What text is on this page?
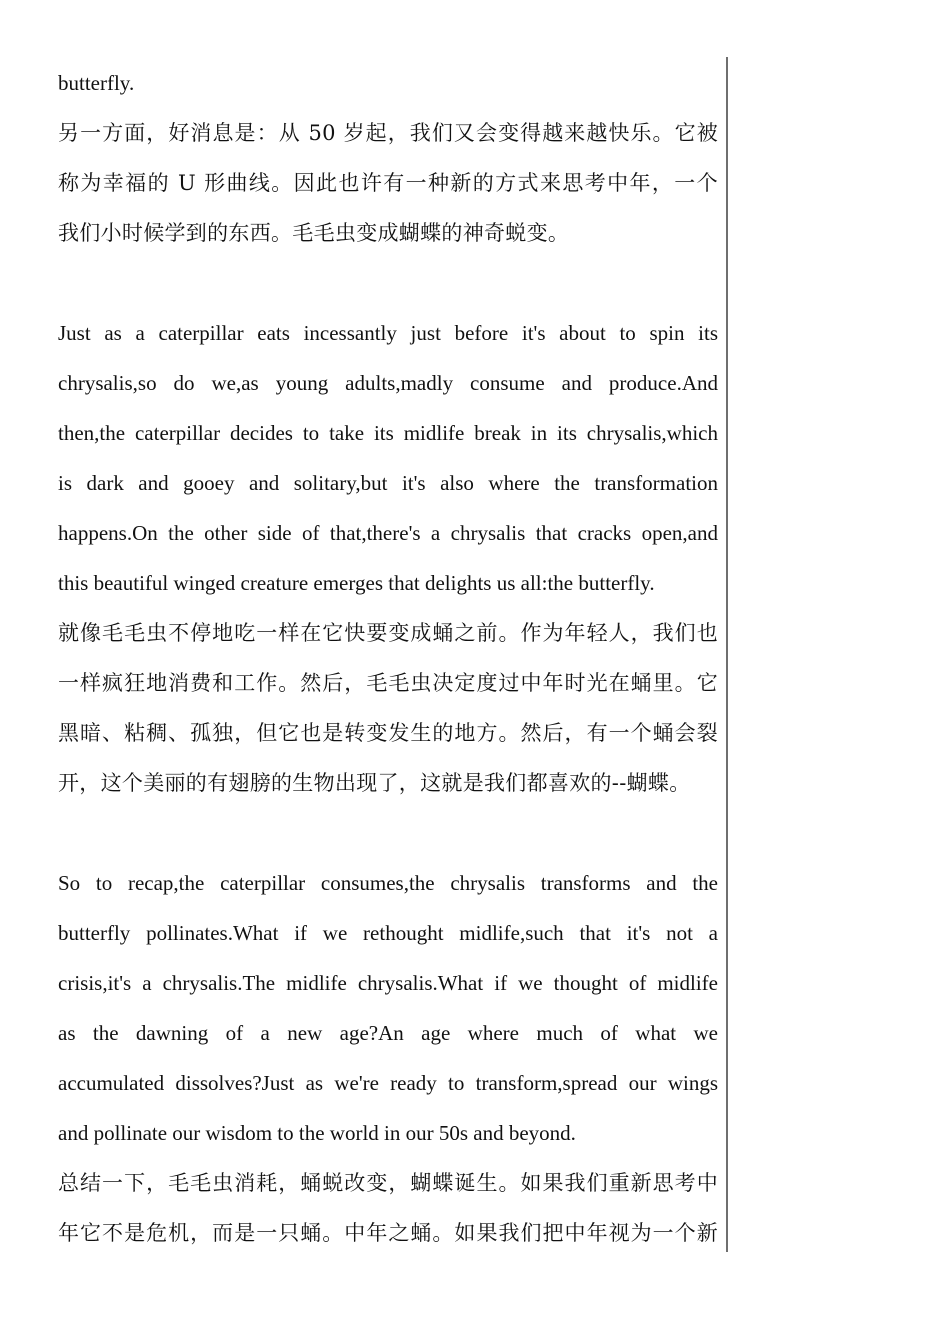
butterfly.
另一方面，好消息是：从 50 岁起，我们又会变得越来越快乐。它被
称为幸福的 U 形曲线。因此也许有一种新的方式来思考中年，一个
我们小时候学到的东西。毛毛虫变成蝴蝶的神奇蜕变。
Just as a caterpillar eats incessantly just before it's about to spin its
chrysalis,so do we,as young adults,madly consume and produce.And
then,the caterpillar decides to take its midlife break in its chrysalis,which
is dark and gooey and solitary,but it's also where the transformation
happens.On the other side of that,there's a chrysalis that cracks open,and
this beautiful winged creature emerges that delights us all:the butterfly.
就像毛毛虫不停地吃一样在它快要变成蛹之前。作为年轻人，我们也
一样疯狂地消费和工作。然后，毛毛虫决定度过中年时光在蛹里。它
黑暗、粘稠、孤独，但它也是转变发生的地方。然后，有一个蛹会裂
开，这个美丽的有翅膀的生物出现了，这就是我们都喜欢的--蝴蝶。
So to recap,the caterpillar consumes,the chrysalis transforms and the
butterfly pollinates.What if we rethought midlife,such that it's not a
crisis,it's a chrysalis.The midlife chrysalis.What if we thought of midlife
as the dawning of a new age?An age where much of what we
accumulated dissolves?Just as we're ready to transform,spread our wings
and pollinate our wisdom to the world in our 50s and beyond.
总结一下，毛毛虫消耗，蛹蜕改变，蝴蝶诞生。如果我们重新思考中
年它不是危机，而是一只蛹。中年之蛹。如果我们把中年视为一个新
